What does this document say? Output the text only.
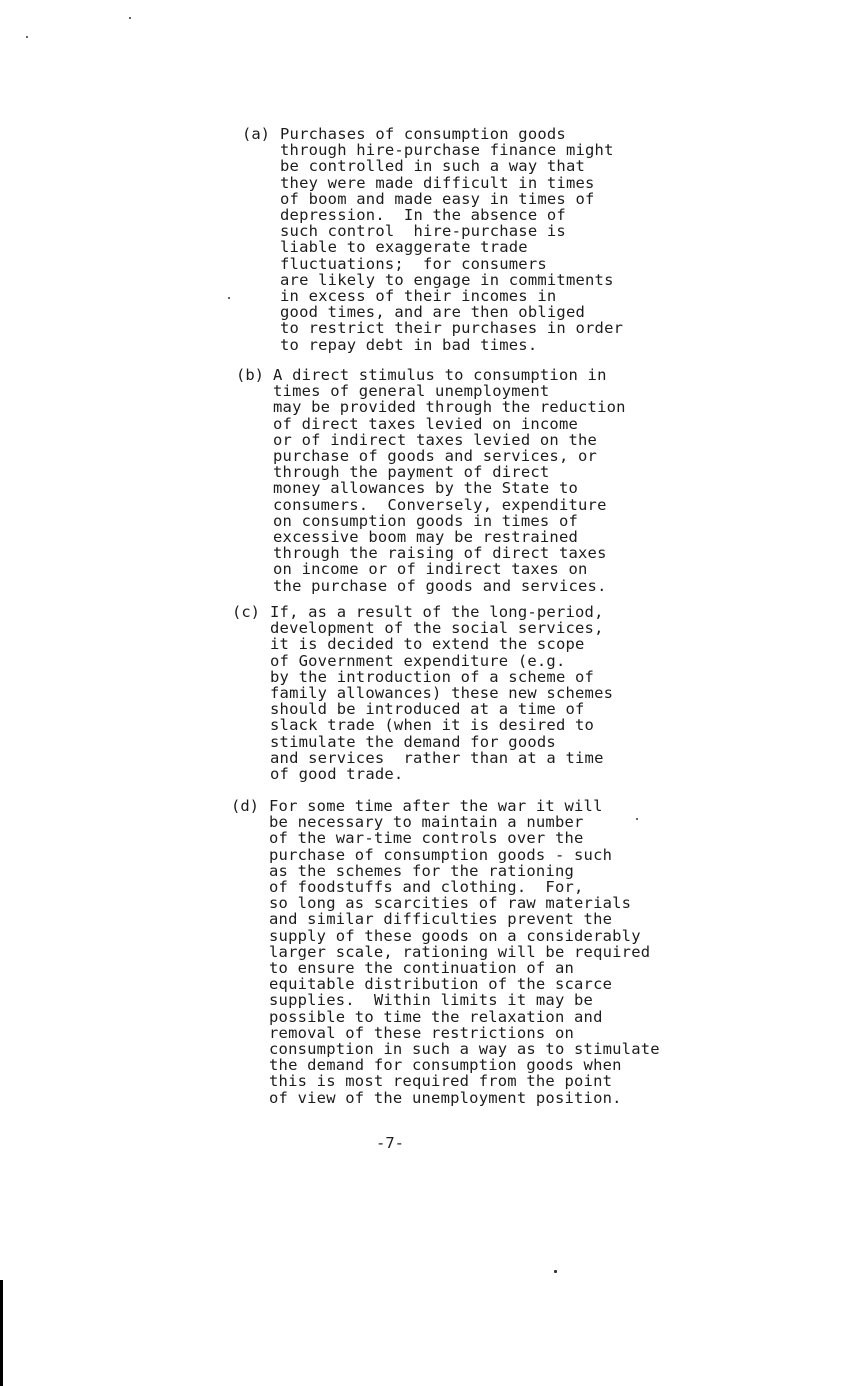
(a) Purchases of consumption goods
through hire-purchase finance might
be controlled in such a way that
they were made difficult in times
of boom and made easy in times of
depression.  In the absence of
such control  hire-purchase is
liable to exaggerate trade
fluctuations;  for consumers
are likely to engage in commitments
in excess of their incomes in
good times, and are then obliged
to restrict their purchases in order
to repay debt in bad times.
(b) A direct stimulus to consumption in
times of general unemployment
may be provided through the reduction
of direct taxes levied on income
or of indirect taxes levied on the
purchase of goods and services, or
through the payment of direct
money allowances by the State to
consumers.  Conversely, expenditure
on consumption goods in times of
excessive boom may be restrained
through the raising of direct taxes
on income or of indirect taxes on
the purchase of goods and services.
(c) If, as a result of the long-period,
development of the social services,
it is decided to extend the scope
of Government expenditure (e.g.
by the introduction of a scheme of
family allowances) these new schemes
should be introduced at a time of
slack trade (when it is desired to
stimulate the demand for goods
and services  rather than at a time
of good trade.
(d) For some time after the war it will
be necessary to maintain a number
of the war-time controls over the
purchase of consumption goods - such
as the schemes for the rationing
of foodstuffs and clothing.  For,
so long as scarcities of raw materials
and similar difficulties prevent the
supply of these goods on a considerably
larger scale, rationing will be required
to ensure the continuation of an
equitable distribution of the scarce
supplies.  Within limits it may be
possible to time the relaxation and
removal of these restrictions on
consumption in such a way as to stimulate
the demand for consumption goods when
this is most required from the point
of view of the unemployment position.
-7-
